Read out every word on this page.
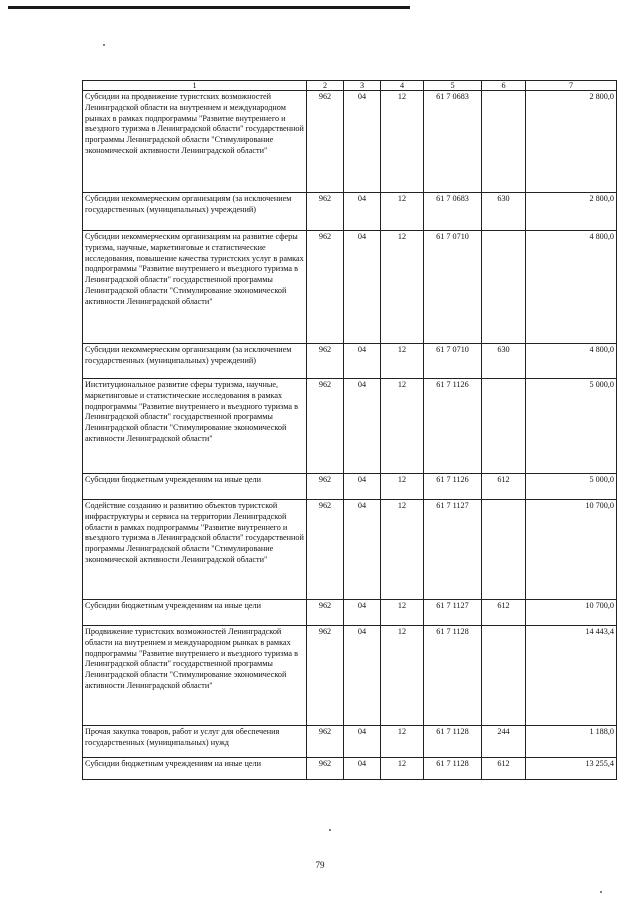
1	2	3	4	5	6	7
Субсидии на продвижение туристских возможностей Ленинградской области на внутреннем и международном рынках в рамках подпрограммы "Развитие внутреннего и въездного туризма в Ленинградской области" государственной программы Ленинградской области "Стимулирование экономической активности Ленинградской области"	962	04	12	61 7 0683		2 800,0
Субсидии некоммерческим организациям (за исключением государственных (муниципальных) учреждений)	962	04	12	61 7 0683	630	2 800,0
Субсидии некоммерческим организациям на развитие сферы туризма, научные, маркетинговые и статистические исследования, повышение качества туристских услуг в рамках подпрограммы "Развитие внутреннего и въездного туризма в Ленинградской области" государственной программы Ленинградской области "Стимулирование экономической активности Ленинградской области"	962	04	12	61 7 0710		4 800,0
Субсидии некоммерческим организациям (за исключением государственных (муниципальных) учреждений)	962	04	12	61 7 0710	630	4 800,0
Институциональное развитие сферы туризма, научные, маркетинговые и статистические исследования в рамках подпрограммы "Развитие внутреннего и въездного туризма в Ленинградской области" государственной программы Ленинградской области "Стимулирование экономической активности Ленинградской области"	962	04	12	61 7 1126		5 000,0
Субсидии бюджетным учреждениям на иные цели	962	04	12	61 7 1126	612	5 000,0
Содействие созданию и развитию объектов туристской инфраструктуры и сервиса на территории Ленинградской области в рамках подпрограммы "Развитие внутреннего и въездного туризма в Ленинградской области" государственной программы Ленинградской области "Стимулирование экономической активности Ленинградской области"	962	04	12	61 7 1127		10 700,0
Субсидии бюджетным учреждениям на иные цели	962	04	12	61 7 1127	612	10 700,0
Продвижение туристских возможностей Ленинградской области на внутреннем и международном рынках в рамках подпрограммы "Развитие внутреннего и въездного туризма в Ленинградской области" государственной программы Ленинградской области "Стимулирование экономической активности Ленинградской области"	962	04	12	61 7 1128		14 443,4
Прочая закупка товаров, работ и услуг для обеспечения государственных (муниципальных) нужд	962	04	12	61 7 1128	244	1 188,0
Субсидии бюджетным учреждениям на иные цели	962	04	12	61 7 1128	612	13 255,4
79
